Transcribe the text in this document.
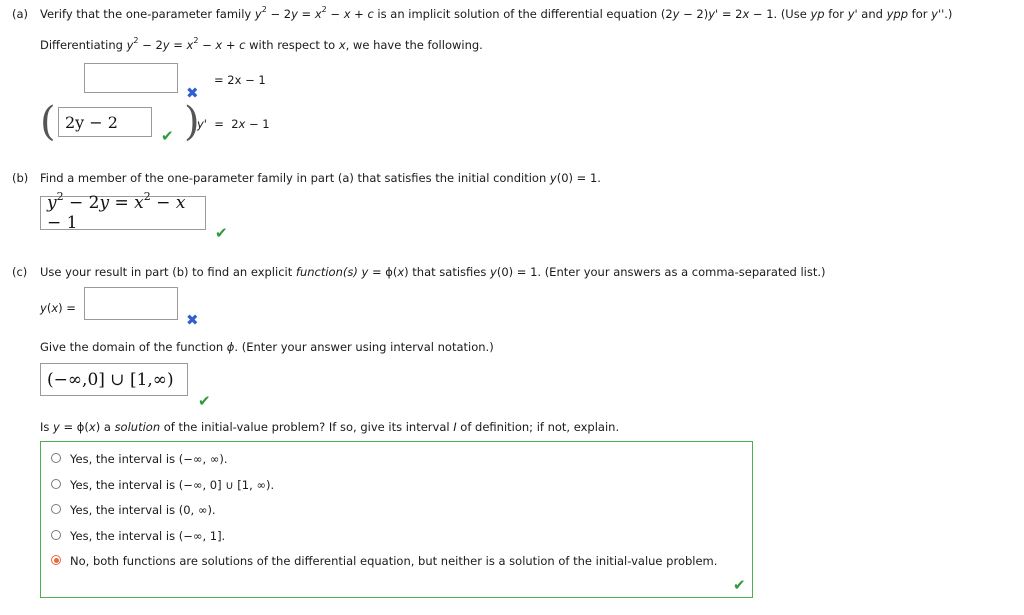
(a) Verify that the one-parameter family $y^2 - 2y = x^2 - x + c$ is an implicit solution of the differential equation (2y − 2)y' = 2x − 1. (Use yp for y' and ypp for y''.)
Differentiating $y^2 - 2y = x^2 - x + c$ with respect to x, we have the following.
= 2x − 1
✖
( 2y − 2
✔ )
y'  =  2x − 1
(b) Find a member of the one-parameter family in part (a) that satisfies the initial condition y(0) = 1.
$y^2 - 2y = x^2 - x - 1$	✔
(c) Use your result in part (b) to find an explicit function(s) y = ϕ(x) that satisfies y(0) = 1. (Enter your answers as a comma-separated list.)
y(x) =
✖
Give the domain of the function ϕ. (Enter your answer using interval notation.)
(−∞,0] ∪ [1,∞)
✔
Is y = ϕ(x) a solution of the initial-value problem? If so, give its interval I of definition; if not, explain.
Yes, the interval is (−∞, ∞).
Yes, the interval is (−∞, 0] ∪ [1, ∞).
Yes, the interval is (0, ∞).
Yes, the interval is (−∞, 1].
No, both functions are solutions of the differential equation, but neither is a solution of the initial-value problem.
✔
